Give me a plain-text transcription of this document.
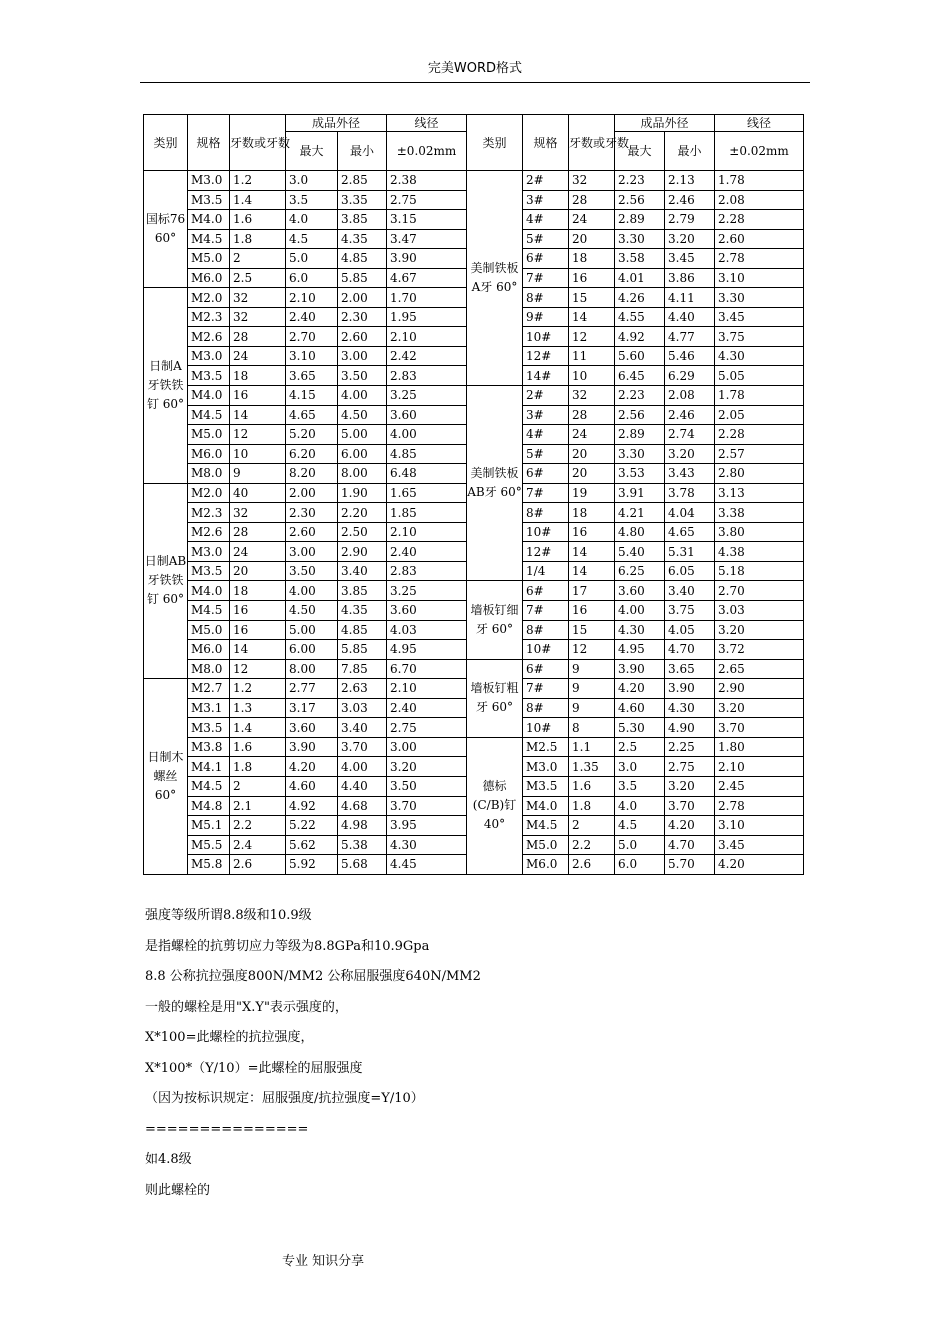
完美WORD格式
类别	规格	牙数或牙数	成品外径		线径	类别	规格	牙数或牙数	成品外径		线径
			最大	最小	±0.02mm				最大	最小	±0.02mm
国标76 60°	M3.0	1.2	3.0	2.85	2.38	美制铁板A牙 60°	2#	32	2.23	2.13	1.78
	M3.5	1.4	3.5	3.35	2.75		3#	28	2.56	2.46	2.08
	M4.0	1.6	4.0	3.85	3.15		4#	24	2.89	2.79	2.28
	M4.5	1.8	4.5	4.35	3.47		5#	20	3.30	3.20	2.60
	M5.0	2	5.0	4.85	3.90		6#	18	3.58	3.45	2.78
	M6.0	2.5	6.0	5.85	4.67		7#	16	4.01	3.86	3.10
日制A牙铁铁钉 60°	M2.0	32	2.10	2.00	1.70		8#	15	4.26	4.11	3.30
	M2.3	32	2.40	2.30	1.95		9#	14	4.55	4.40	3.45
	M2.6	28	2.70	2.60	2.10		10#	12	4.92	4.77	3.75
	M3.0	24	3.10	3.00	2.42		12#	11	5.60	5.46	4.30
	M3.5	18	3.65	3.50	2.83		14#	10	6.45	6.29	5.05
	M4.0	16	4.15	4.00	3.25	美制铁板AB牙 60°	2#	32	2.23	2.08	1.78
	M4.5	14	4.65	4.50	3.60		3#	28	2.56	2.46	2.05
	M5.0	12	5.20	5.00	4.00		4#	24	2.89	2.74	2.28
	M6.0	10	6.20	6.00	4.85		5#	20	3.30	3.20	2.57
	M8.0	9	8.20	8.00	6.48		6#	20	3.53	3.43	2.80
日制AB牙铁铁钉 60°	M2.0	40	2.00	1.90	1.65		7#	19	3.91	3.78	3.13
	M2.3	32	2.30	2.20	1.85		8#	18	4.21	4.04	3.38
	M2.6	28	2.60	2.50	2.10		10#	16	4.80	4.65	3.80
	M3.0	24	3.00	2.90	2.40		12#	14	5.40	5.31	4.38
	M3.5	20	3.50	3.40	2.83		1/4	14	6.25	6.05	5.18
	M4.0	18	4.00	3.85	3.25	墙板钉细牙 60°	6#	17	3.60	3.40	2.70
	M4.5	16	4.50	4.35	3.60		7#	16	4.00	3.75	3.03
	M5.0	16	5.00	4.85	4.03		8#	15	4.30	4.05	3.20
	M6.0	14	6.00	5.85	4.95		10#	12	4.95	4.70	3.72
	M8.0	12	8.00	7.85	6.70	墙板钉粗牙 60°	6#	9	3.90	3.65	2.65
日制木螺丝 60°	M2.7	1.2	2.77	2.63	2.10		7#	9	4.20	3.90	2.90
	M3.1	1.3	3.17	3.03	2.40		8#	9	4.60	4.30	3.20
	M3.5	1.4	3.60	3.40	2.75		10#	8	5.30	4.90	3.70
	M3.8	1.6	3.90	3.70	3.00	德标(C/B)钉 40°	M2.5	1.1	2.5	2.25	1.80
	M4.1	1.8	4.20	4.00	3.20		M3.0	1.35	3.0	2.75	2.10
	M4.5	2	4.60	4.40	3.50		M3.5	1.6	3.5	3.20	2.45
	M4.8	2.1	4.92	4.68	3.70		M4.0	1.8	4.0	3.70	2.78
	M5.1	2.2	5.22	4.98	3.95		M4.5	2	4.5	4.20	3.10
	M5.5	2.4	5.62	5.38	4.30		M5.0	2.2	5.0	4.70	3.45
	M5.8	2.6	5.92	5.68	4.45		M6.0	2.6	6.0	5.70	4.20
强度等级所谓8.8级和10.9级
是指螺栓的抗剪切应力等级为8.8GPa和10.9Gpa
8.8 公称抗拉强度800N/MM2 公称屈服强度640N/MM2
一般的螺栓是用"X.Y"表示强度的，
X*100=此螺栓的抗拉强度，
X*100*（Y/10）=此螺栓的屈服强度
（因为按标识规定：屈服强度/抗拉强度=Y/10）
===============
如4.8级
则此螺栓的
专业 知识分享
